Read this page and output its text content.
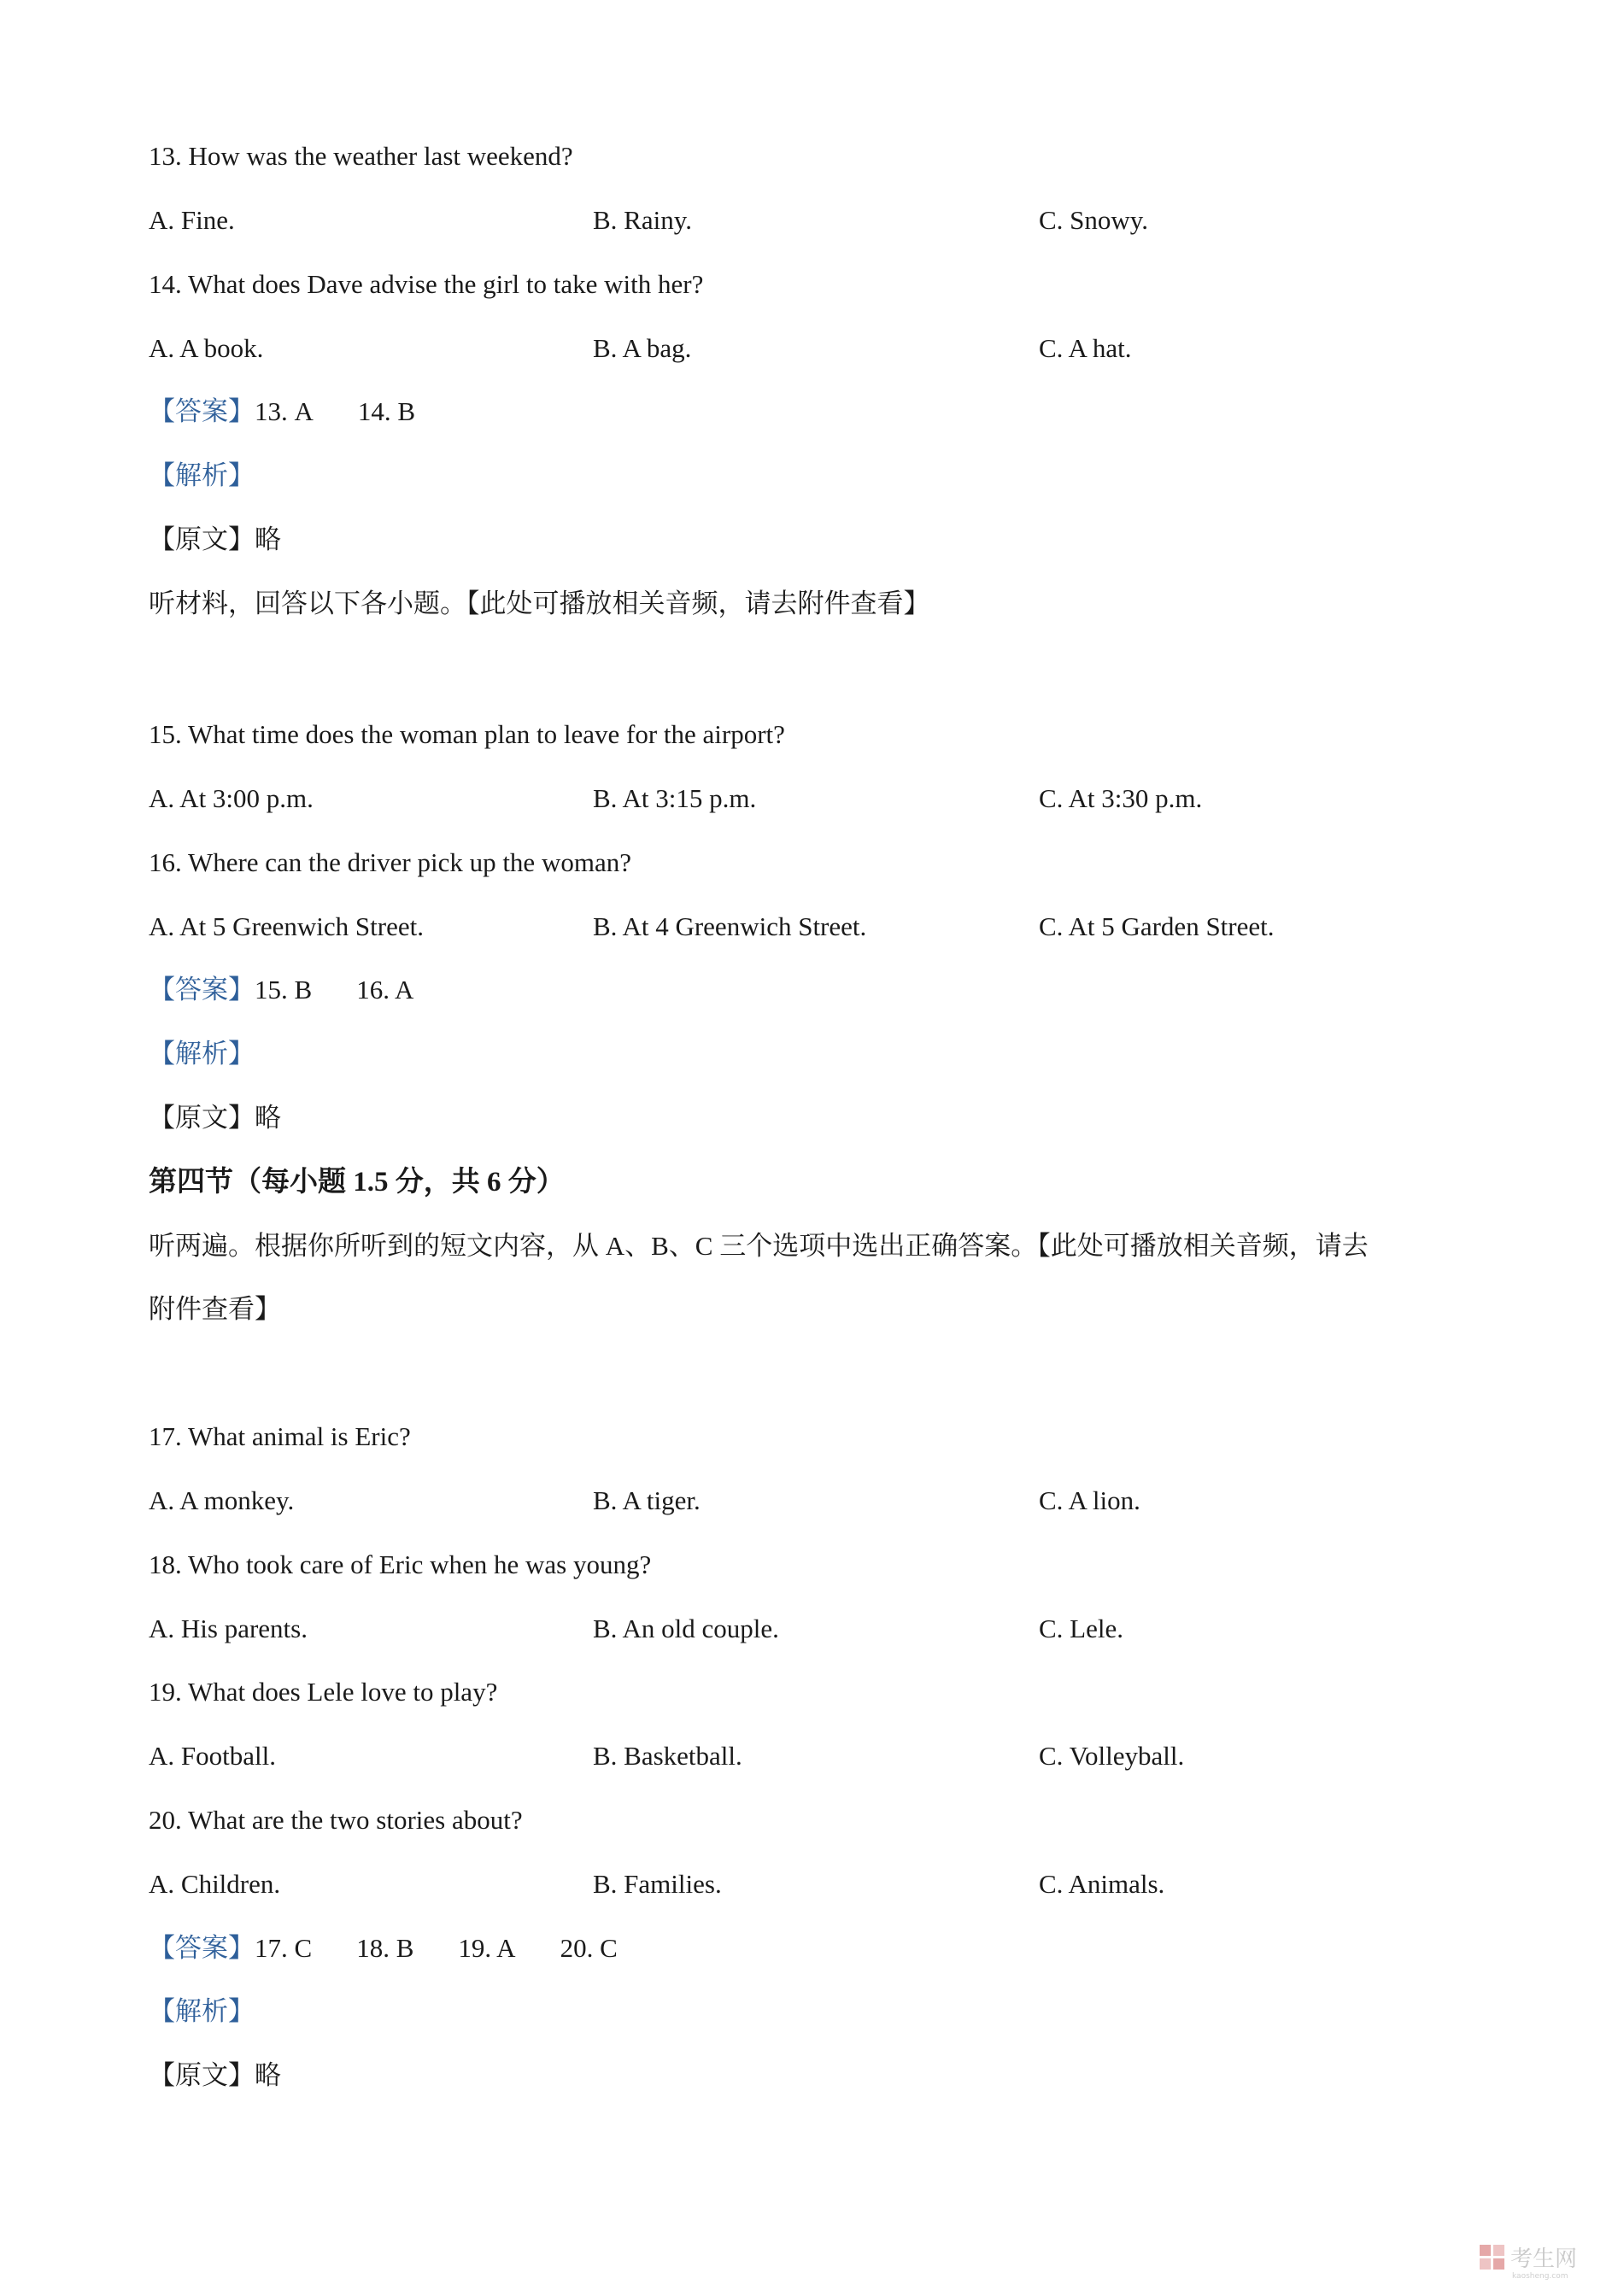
13. How was the weather last weekend?
A. Fine.	B. Rainy.	C. Snowy.
14. What does Dave advise the girl to take with her?
A. A book.	B. A bag.	C. A hat.
【答案】13. A 14. B
【解析】
【原文】略
听材料，回答以下各小题。【此处可播放相关音频，请去附件查看】
15. What time does the woman plan to leave for the airport?
A. At 3:00 p.m.	B. At 3:15 p.m.	C. At 3:30 p.m.
16. Where can the driver pick up the woman?
A. At 5 Greenwich Street.	B. At 4 Greenwich Street.	C. At 5 Garden Street.
【答案】15. B 16. A
【解析】
【原文】略
第四节（每小题 1.5 分，共 6 分）
听两遍。根据你所听到的短文内容，从 A、B、C 三个选项中选出正确答案。【此处可播放相关音频，请去
附件查看】
17. What animal is Eric?
A. A monkey.	B. A tiger.	C. A lion.
18. Who took care of Eric when he was young?
A. His parents.	B. An old couple.	C. Lele.
19. What does Lele love to play?
A. Football.	B. Basketball.	C. Volleyball.
20. What are the two stories about?
A. Children.	B. Families.	C. Animals.
【答案】17. C 18. B 19. A 20. C
【解析】
【原文】略
考生网
kaosheng.com
